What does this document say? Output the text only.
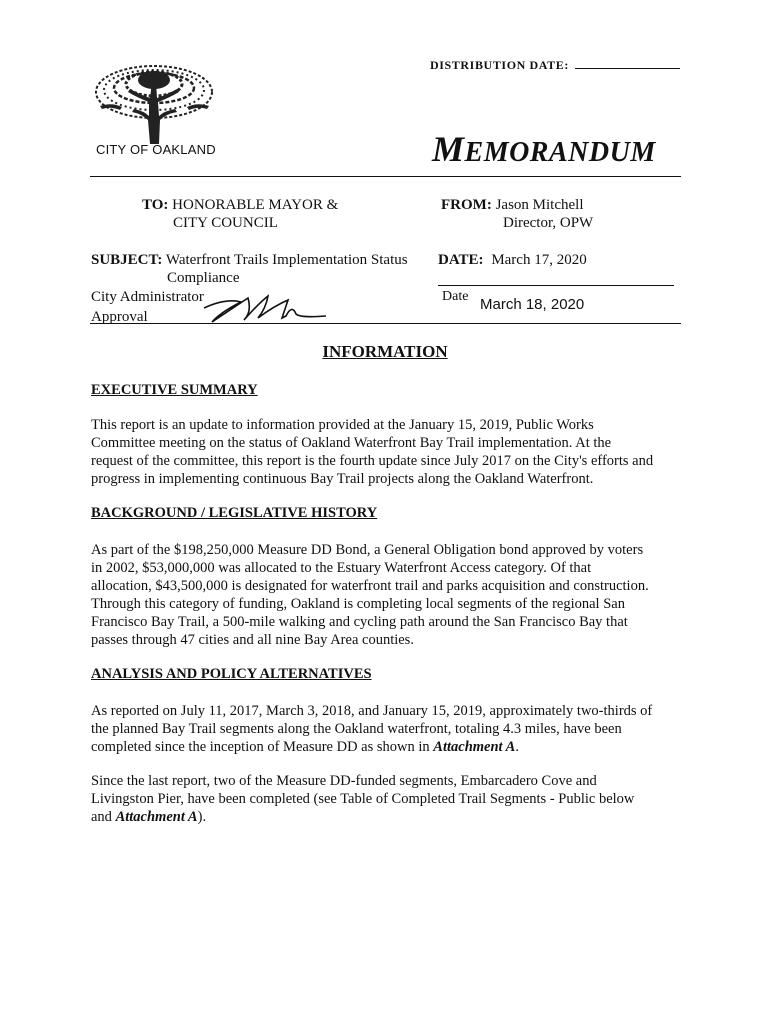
DISTRIBUTION DATE:
CITY OF OAKLAND	MEMORANDUM
TO: HONORABLE MAYOR &
CITY COUNCIL
FROM: Jason Mitchell
Director, OPW
SUBJECT: Waterfront Trails Implementation Status
Compliance
DATE: March 17, 2020
City Administrator
Approval
Date March 18, 2020
INFORMATION
EXECUTIVE SUMMARY
This report is an update to information provided at the January 15, 2019, Public Works
Committee meeting on the status of Oakland Waterfront Bay Trail implementation. At the
request of the committee, this report is the fourth update since July 2017 on the City's efforts and
progress in implementing continuous Bay Trail projects along the Oakland Waterfront.
BACKGROUND / LEGISLATIVE HISTORY
As part of the $198,250,000 Measure DD Bond, a General Obligation bond approved by voters
in 2002, $53,000,000 was allocated to the Estuary Waterfront Access category. Of that
allocation, $43,500,000 is designated for waterfront trail and parks acquisition and construction.
Through this category of funding, Oakland is completing local segments of the regional San
Francisco Bay Trail, a 500-mile walking and cycling path around the San Francisco Bay that
passes through 47 cities and all nine Bay Area counties.
ANALYSIS AND POLICY ALTERNATIVES
As reported on July 11, 2017, March 3, 2018, and January 15, 2019, approximately two-thirds of
the planned Bay Trail segments along the Oakland waterfront, totaling 4.3 miles, have been
completed since the inception of Measure DD as shown in Attachment A.
Since the last report, two of the Measure DD-funded segments, Embarcadero Cove and
Livingston Pier, have been completed (see Table of Completed Trail Segments - Public below
and Attachment A).
